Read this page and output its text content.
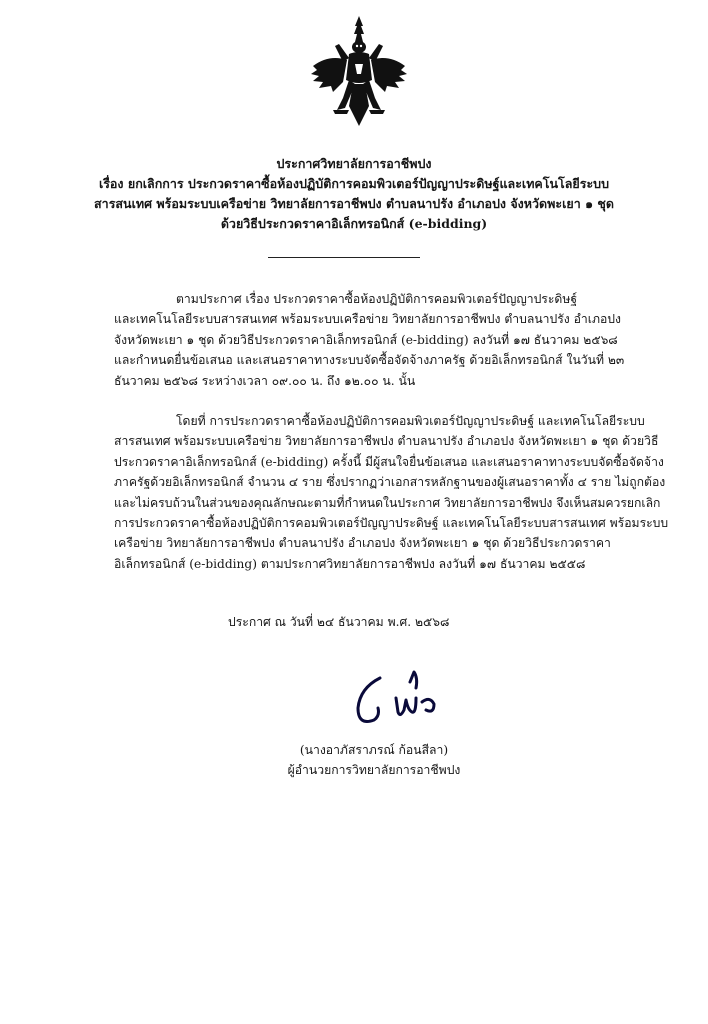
ประกาศวิทยาลัยการอาชีพปง
เรื่อง ยกเลิกการ ประกวดราคาซื้อห้องปฏิบัติการคอมพิวเตอร์ปัญญาประดิษฐ์และเทคโนโลยีระบบ
สารสนเทศ พร้อมระบบเครือข่าย วิทยาลัยการอาชีพปง ตำบลนาปรัง อำเภอปง จังหวัดพะเยา ๑ ชุด
ด้วยวิธีประกวดราคาอิเล็กทรอนิกส์ (e-bidding)
ตามประกาศ เรื่อง ประกวดราคาซื้อห้องปฏิบัติการคอมพิวเตอร์ปัญญาประดิษฐ์
และเทคโนโลยีระบบสารสนเทศ พร้อมระบบเครือข่าย วิทยาลัยการอาชีพปง ตำบลนาปรัง อำเภอปง
จังหวัดพะเยา ๑ ชุด ด้วยวิธีประกวดราคาอิเล็กทรอนิกส์ (e-bidding) ลงวันที่ ๑๗ ธันวาคม ๒๕๖๘
และกำหนดยื่นข้อเสนอ และเสนอราคาทางระบบจัดซื้อจัดจ้างภาครัฐ ด้วยอิเล็กทรอนิกส์ ในวันที่ ๒๓
ธันวาคม ๒๕๖๘ ระหว่างเวลา ๐๙.๐๐ น. ถึง ๑๒.๐๐ น. นั้น
โดยที่ การประกวดราคาซื้อห้องปฏิบัติการคอมพิวเตอร์ปัญญาประดิษฐ์ และเทคโนโลยีระบบ
สารสนเทศ พร้อมระบบเครือข่าย วิทยาลัยการอาชีพปง ตำบลนาปรัง อำเภอปง จังหวัดพะเยา ๑ ชุด ด้วยวิธี
ประกวดราคาอิเล็กทรอนิกส์ (e-bidding) ครั้งนี้ มีผู้สนใจยื่นข้อเสนอ และเสนอราคาทางระบบจัดซื้อจัดจ้าง
ภาครัฐด้วยอิเล็กทรอนิกส์ จำนวน ๔ ราย ซึ่งปรากฏว่าเอกสารหลักฐานของผู้เสนอราคาทั้ง ๔ ราย ไม่ถูกต้อง
และไม่ครบถ้วนในส่วนของคุณลักษณะตามที่กำหนดในประกาศ วิทยาลัยการอาชีพปง จึงเห็นสมควรยกเลิก
การประกวดราคาซื้อห้องปฏิบัติการคอมพิวเตอร์ปัญญาประดิษฐ์ และเทคโนโลยีระบบสารสนเทศ พร้อมระบบ
เครือข่าย วิทยาลัยการอาชีพปง ตำบลนาปรัง อำเภอปง จังหวัดพะเยา ๑ ชุด ด้วยวิธีประกวดราคา
อิเล็กทรอนิกส์ (e-bidding) ตามประกาศวิทยาลัยการอาชีพปง ลงวันที่ ๑๗ ธันวาคม ๒๕๕๘
ประกาศ ณ วันที่ ๒๔ ธันวาคม พ.ศ. ๒๕๖๘
(นางอาภัสราภรณ์ ก้อนสีลา)
ผู้อำนวยการวิทยาลัยการอาชีพปง
